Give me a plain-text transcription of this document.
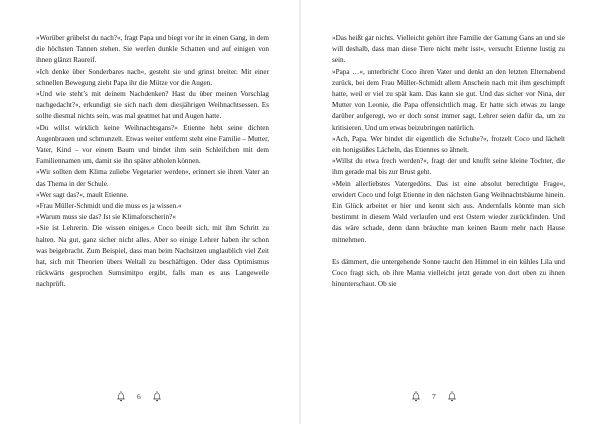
»Worüber grübelst du nach?«, fragt Papa und biegt vor ihr in einen Gang, in dem die höchsten Tannen stehen. Sie werfen dunkle Schatten und auf einigen von ihnen glänzt Raureif.

»Ich denke über Sonderbares nach«, gesteht sie und grinst breiter. Mit einer schnellen Bewegung zieht Papa ihr die Mütze vor die Augen.

»Und wie steht’s mit deinem Nachdenken? Hast du über meinen Vorschlag nachgedacht?«, erkundigt sie sich nach dem diesjährigen Weihnachtsessen. Es sollte diesmal nichts sein, was mal geatmet hat und Augen hatte.

»Du willst wirklich keine Weihnachtsgans?« Etienne hebt seine dichten Augenbrauen und schmunzelt. Etwas weiter entfernt steht eine Familie – Mutter, Vater, Kind – vor einem Baum und bindet ihm sein Schleifchen mit dem Familiennamen um, damit sie ihn später abholen können.

»Wir sollten dem Klima zuliebe Vegetarier werden«, erinnert sie ihren Vater an das Thema in der Schule.

»Wer sagt das?«, mault Etienne.

»Frau Müller-Schmidt und die muss es ja wissen.«

»Warum muss sie das? Ist sie Klimaforscherin?«

»Sie ist Lehrerin. Die wissen einiges.« Coco beeilt sich, mit ihm Schritt zu halten. Na gut, ganz sicher nicht alles. Aber so einige Lehrer haben ihr schon was beigebracht. Zum Beispiel, dass man beim Nachsitzen unglaublich viel Zeit hat, sich mit Theorien übers Weltall zu beschäftigen. Oder dass Optimismus rückwärts gesprochen Sumsimitpo ergibt, falls man es aus Langeweile nachprüft.

6

»Das heißt gar nichts. Vielleicht gehört ihre Familie der Gattung Gans an und sie will deshalb, dass man diese Tiere nicht mehr isst«, versucht Etienne lustig zu sein.

»Papa …«, unterbricht Coco ihren Vater und denkt an den letzten Elternabend zurück, bei dem Frau Müller-Schmidt allem Anschein nach mit ihm geschimpft hatte, weil er viel zu spät kam. Das kann sie gut. Und das sicher vor Nina, der Mutter von Leonie, die Papa offensichtlich mag. Er hatte sich etwas zu lange darüber aufgeregt, wo er doch sonst immer sagt, Lehrer seien dafür da, um zu kritisieren. Und um etwas beizubringen natürlich.

»Ach, Papa. Wer bindet dir eigentlich die Schuhe?«, frotzelt Coco und lächelt ein honigsüßes Lächeln, das Etiennes so ähnelt.

»Willst du etwa frech werden?«, fragt der und knufft seine kleine Tochter, die ihm gerade mal bis zur Brust geht.

»Mein allerliebstes Vatergedöns. Das ist eine absolut berechtigte Frage«, erwidert Coco und folgt Etienne in den nächsten Gang Weihnachtsbäume hinein. Ein Glück arbeitet er hier und kennt sich aus. Andernfalls könnte man sich bestimmt in diesem Wald verlaufen und erst Ostern wieder zurückfinden. Und das wäre schade, denn dann bräuchte man keinen Baum mehr nach Hause mitnehmen.

Es dämmert, die untergehende Sonne taucht den Himmel in ein kühles Lila und Coco fragt sich, ob ihre Mama vielleicht jetzt gerade von dort oben zu ihnen hinunterschaut. Ob sie

7
